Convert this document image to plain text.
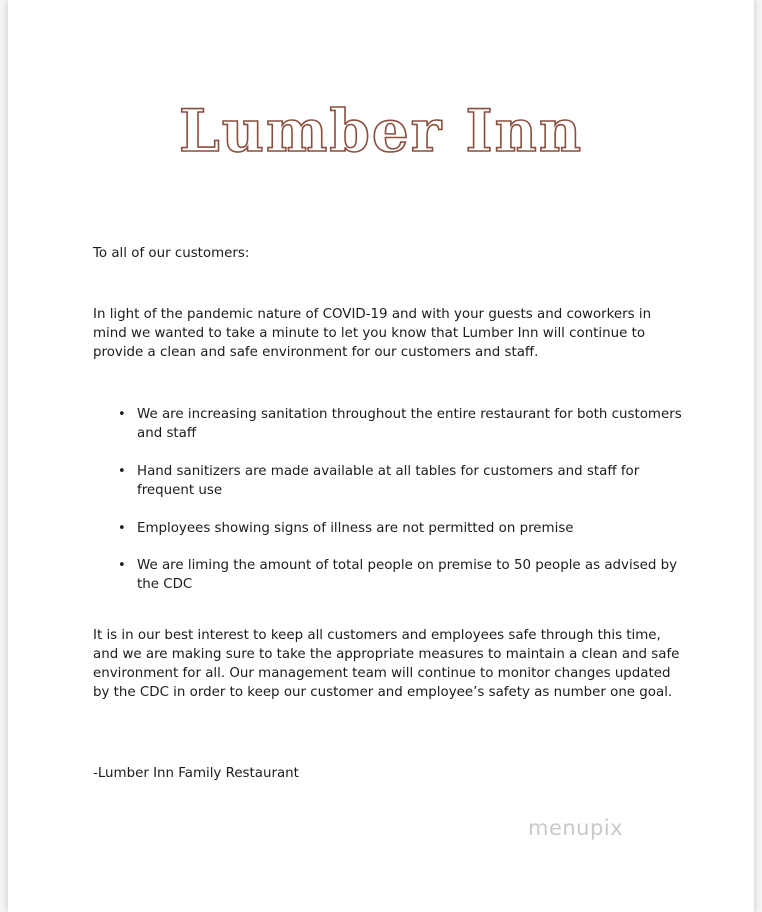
Lumber Inn

To all of our customers:

In light of the pandemic nature of COVID-19 and with your guests and coworkers in mind we wanted to take a minute to let you know that Lumber Inn will continue to provide a clean and safe environment for our customers and staff.

• We are increasing sanitation throughout the entire restaurant for both customers and staff
• Hand sanitizers are made available at all tables for customers and staff for frequent use
• Employees showing signs of illness are not permitted on premise
• We are liming the amount of total people on premise to 50 people as advised by the CDC

It is in our best interest to keep all customers and employees safe through this time, and we are making sure to take the appropriate measures to maintain a clean and safe environment for all. Our management team will continue to monitor changes updated by the CDC in order to keep our customer and employee’s safety as number one goal.

-Lumber Inn Family Restaurant

menupix
